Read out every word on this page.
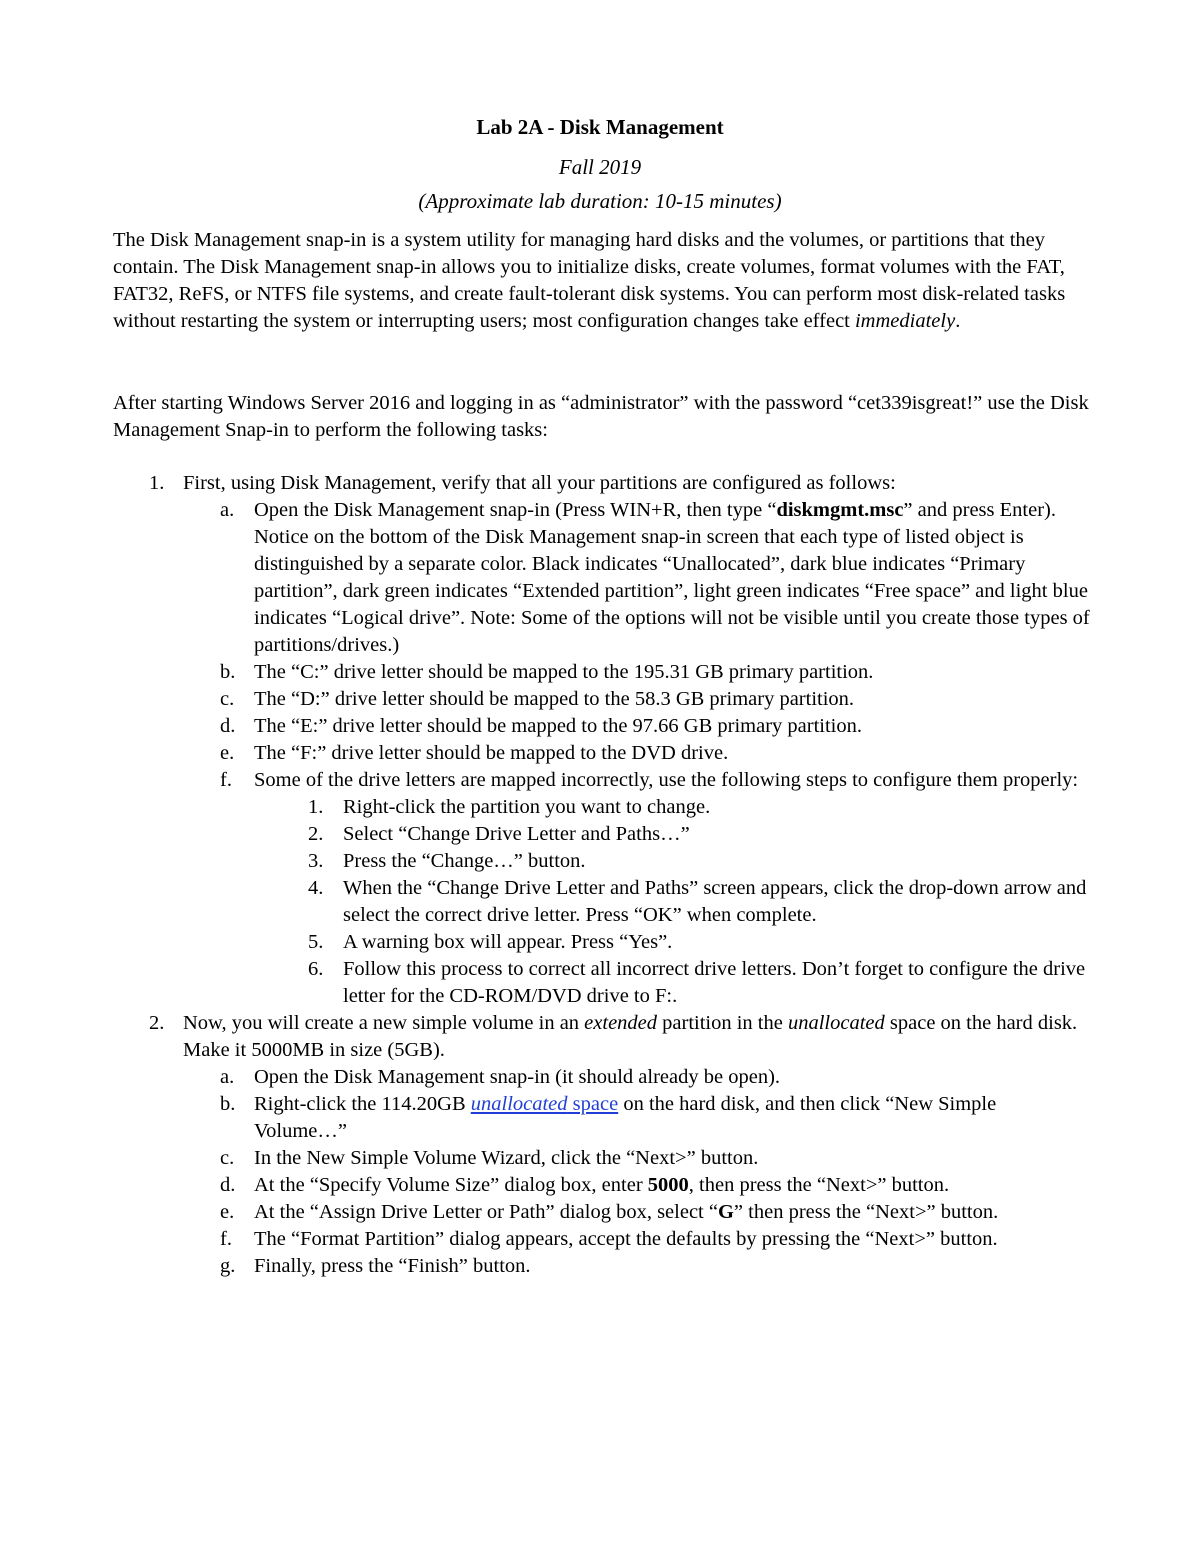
Lab 2A - Disk Management
Fall 2019
(Approximate lab duration: 10-15 minutes)

The Disk Management snap-in is a system utility for managing hard disks and the volumes, or partitions that they contain. The Disk Management snap-in allows you to initialize disks, create volumes, format volumes with the FAT, FAT32, ReFS, or NTFS file systems, and create fault-tolerant disk systems. You can perform most disk-related tasks without restarting the system or interrupting users; most configuration changes take effect immediately.

After starting Windows Server 2016 and logging in as “administrator” with the password “cet339isgreat!” use the Disk Management Snap-in to perform the following tasks:

1. First, using Disk Management, verify that all your partitions are configured as follows:
a. Open the Disk Management snap-in (Press WIN+R, then type “diskmgmt.msc” and press Enter). Notice on the bottom of the Disk Management snap-in screen that each type of listed object is distinguished by a separate color. Black indicates “Unallocated”, dark blue indicates “Primary partition”, dark green indicates “Extended partition”, light green indicates “Free space” and light blue indicates “Logical drive”. Note: Some of the options will not be visible until you create those types of partitions/drives.)
b. The “C:” drive letter should be mapped to the 195.31 GB primary partition.
c. The “D:” drive letter should be mapped to the 58.3 GB primary partition.
d. The “E:” drive letter should be mapped to the 97.66 GB primary partition.
e. The “F:” drive letter should be mapped to the DVD drive.
f.	Some of the drive letters are mapped incorrectly, use the following steps to configure them properly:
1. Right-click the partition you want to change.
2. Select “Change Drive Letter and Paths…”
3. Press the “Change…” button.
4. When the “Change Drive Letter and Paths” screen appears, click the drop-down arrow and select the correct drive letter. Press “OK” when complete.
5. A warning box will appear. Press “Yes”.
6. Follow this process to correct all incorrect drive letters. Don’t forget to configure the drive letter for the CD-ROM/DVD drive to F:.
2. Now, you will create a new simple volume in an extended partition in the unallocated space on the hard disk. Make it 5000MB in size (5GB).
a. Open the Disk Management snap-in (it should already be open).
b. Right-click the 114.20GB unallocated space on the hard disk, and then click “New Simple Volume…”
c. In the New Simple Volume Wizard, click the “Next>” button.
d. At the “Specify Volume Size” dialog box, enter 5000, then press the “Next>” button.
e. At the “Assign Drive Letter or Path” dialog box, select “G” then press the “Next>” button.
f.	The “Format Partition” dialog appears, accept the defaults by pressing the “Next>” button.
g. Finally, press the “Finish” button.
